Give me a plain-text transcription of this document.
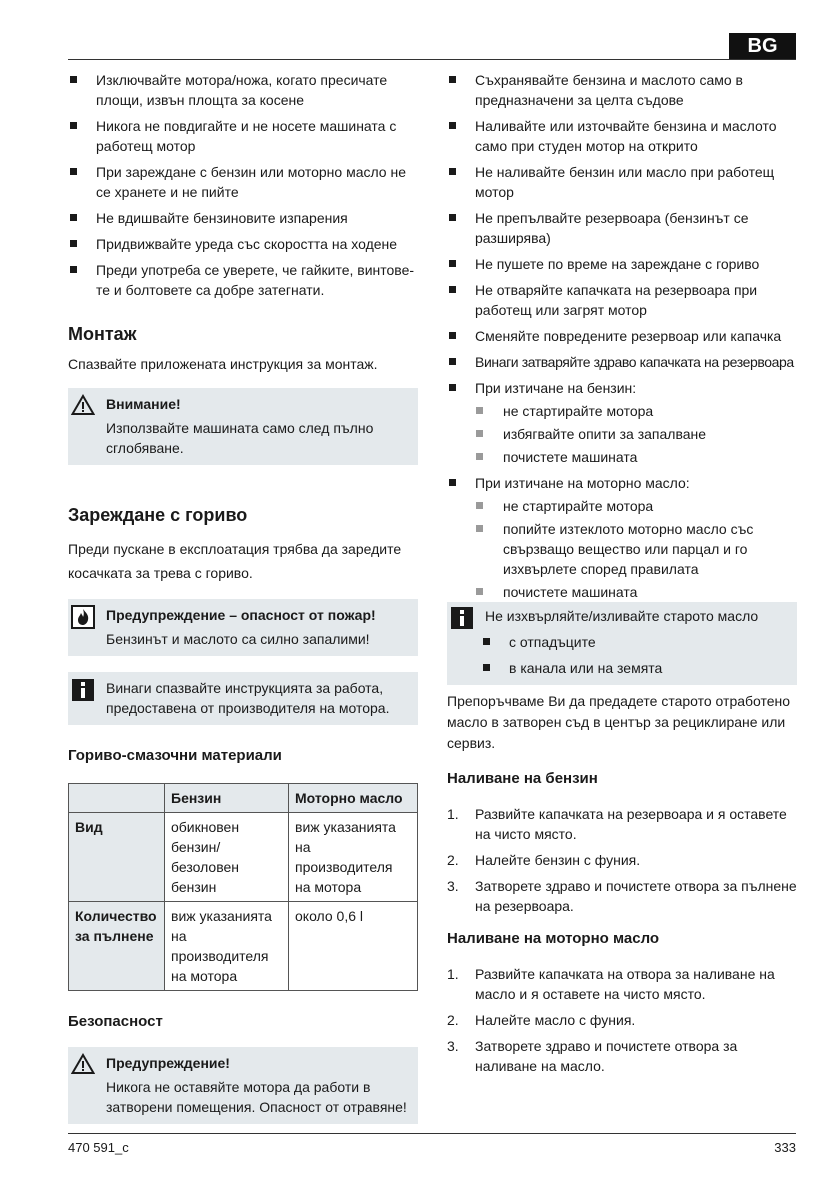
BG
Изключвайте мотора/ножа, когато пресичате площи, извън площта за косене
Никога не повдигайте и не носете машината с работещ мотор
При зареждане с бензин или моторно масло не се хранете и не пийте
Не вдишвайте бензиновите изпарения
Придвижвайте уреда със скоростта на ходене
Преди употреба се уверете, че гайките, винтове-те и болтовете са добре затегнати.
Монтаж

Спазвайте приложената инструкция за монтаж.

Внимание!
Използвайте машината само след пълно сглобяване.
Зареждане с гориво

Преди пускане в експлоатация трябва да заредите косачката за трева с гориво.

Предупреждение – опасност от пожар!
Бензинът и маслото са силно запалими!
Винаги спазвайте инструкцията за работа, предоставена от производителя на мотора.
Горивo-смазочни материали
	Бензин	Моторно масло
Вид	обикновен бензин/ безоловен бензин	виж указанията на производителя на мотора
Количество за пълнене	виж указанията на производителя на мотора	около 0,6 l
Безопасност
Предупреждение!
Никога не оставяйте мотора да работи в затворени помещения. Опасност от отравяне!
Съхранявайте бензина и маслото само в предназначени за целта съдове
Наливайте или източвайте бензина и маслото само при студен мотор на открито
Не наливайте бензин или масло при работещ мотор
Не препълвайте резервоара (бензинът се разширява)
Не пушете по време на зареждане с гориво
Не отваряйте капачката на резервоара при работещ или загрят мотор
Сменяйте повредените резервоар или капачка
Винаги затваряйте здраво капачката на резервоара
При изтичане на бензин:
не стартирайте мотора
избягвайте опити за запалване
почистете машината
При изтичане на моторно масло:
не стартирайте мотора
попийте изтеклото моторно масло със свързващо вещество или парцал и го изхвърлете според правилата
почистете машината
Не изхвърляйте/изливайте старото масло
с отпадъците
в канала или на земята

Препоръчваме Ви да предадете старото отработено масло в затворен съд в център за рециклиране или сервиз.

Наливане на бензин
1. Развийте капачката на резервоара и я оставете на чисто място.
2. Налейте бензин с фуния.
3. Затворете здраво и почистете отвора за пълнене на резервоара.
Наливане на моторно масло
1. Развийте капачката на отвора за наливане на масло и я оставете на чисто място.
2. Налейте масло с фуния.
3. Затворете здраво и почистете отвора за наливане на масло.
470 591_c	333
